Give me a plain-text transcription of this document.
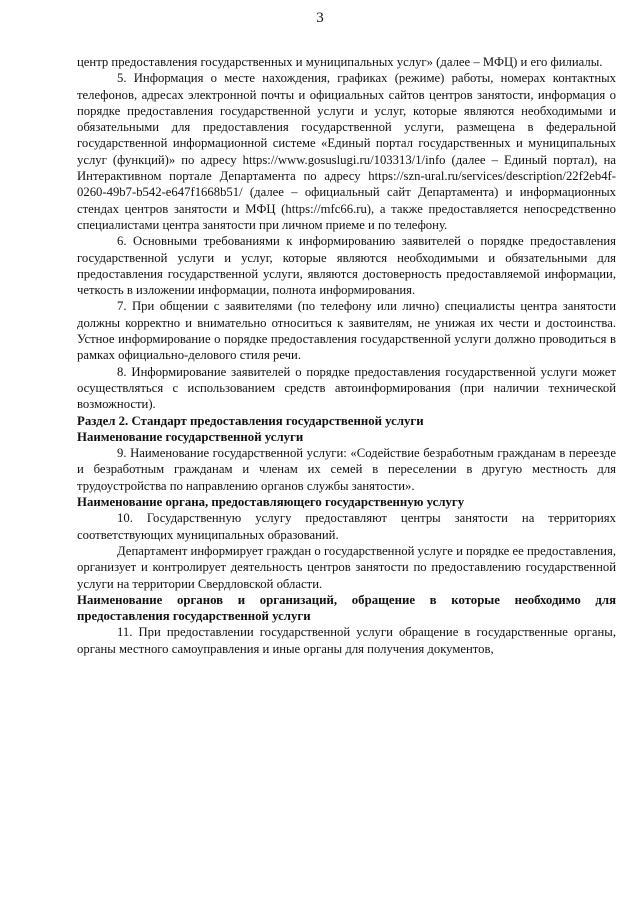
3

центр предоставления государственных и муниципальных услуг» (далее – МФЦ) и его филиалы.

5. Информация о месте нахождения, графиках (режиме) работы, номерах контактных телефонов, адресах электронной почты и официальных сайтов центров занятости, информация о порядке предоставления государственной услуги и услуг, которые являются необходимыми и обязательными для предоставления государственной услуги, размещена в федеральной государственной информационной системе «Единый портал государственных и муниципальных услуг (функций)» по адресу https://www.gosuslugi.ru/103313/1/info (далее – Единый портал), на Интерактивном портале Департамента по адресу https://szn-ural.ru/services/description/22f2eb4f-0260-49b7-b542-e647f1668b51/ (далее – официальный сайт Департамента) и информационных стендах центров занятости и МФЦ (https://mfc66.ru), а также предоставляется непосредственно специалистами центра занятости при личном приеме и по телефону.

6. Основными требованиями к информированию заявителей о порядке предоставления государственной услуги и услуг, которые являются необходимыми и обязательными для предоставления государственной услуги, являются достоверность предоставляемой информации, четкость в изложении информации, полнота информирования.

7. При общении с заявителями (по телефону или лично) специалисты центра занятости должны корректно и внимательно относиться к заявителям, не унижая их чести и достоинства. Устное информирование о порядке предоставления государственной услуги должно проводиться в рамках официально-делового стиля речи.

8. Информирование заявителей о порядке предоставления государственной услуги может осуществляться с использованием средств автоинформирования (при наличии технической возможности).

Раздел 2. Стандарт предоставления государственной услуги

Наименование государственной услуги

9. Наименование государственной услуги: «Содействие безработным гражданам в переезде и безработным гражданам и членам их семей в переселении в другую местность для трудоустройства по направлению органов службы занятости».

Наименование органа, предоставляющего государственную услугу

10. Государственную услугу предоставляют центры занятости на территориях соответствующих муниципальных образований.

Департамент информирует граждан о государственной услуге и порядке ее предоставления, организует и контролирует деятельность центров занятости по предоставлению государственной услуги на территории Свердловской области.

Наименование органов и организаций, обращение в которые необходимо для предоставления государственной услуги

11. При предоставлении государственной услуги обращение в государственные органы, органы местного самоуправления и иные органы для получения документов,
